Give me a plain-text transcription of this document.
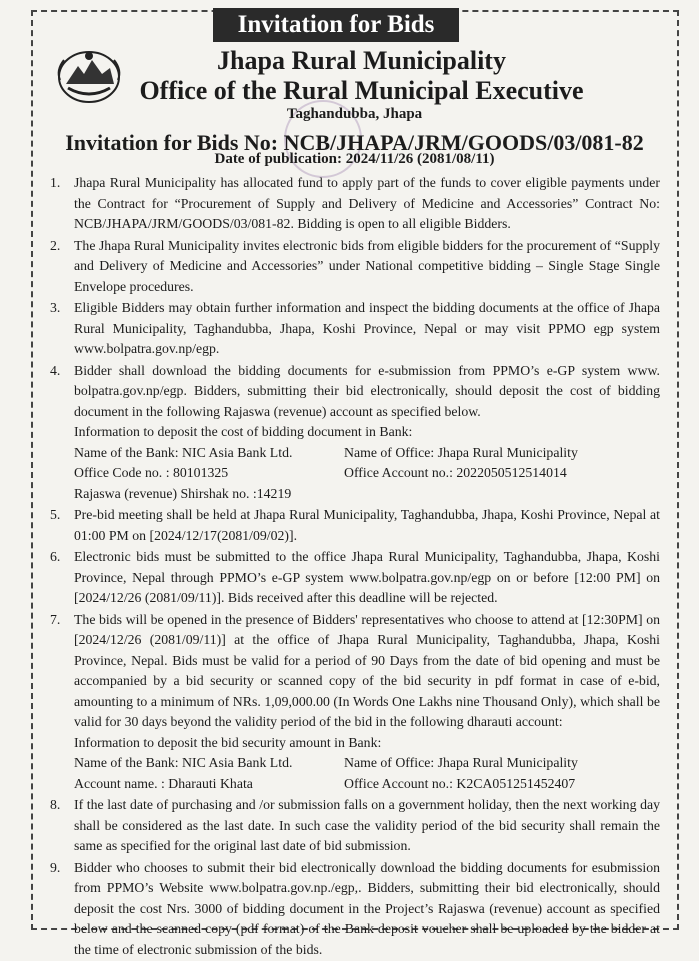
Invitation for Bids
Jhapa Rural Municipality
Office of the Rural Municipal Executive
Taghandubba, Jhapa
Invitation for Bids No: NCB/JHAPA/JRM/GOODS/03/081-82
Date of publication: 2024/11/26 (2081/08/11)
1. Jhapa Rural Municipality has allocated fund to apply part of the funds to cover eligible payments under the Contract for “Procurement of Supply and Delivery of Medicine and Accessories” Contract No: NCB/JHAPA/JRM/GOODS/03/081-82. Bidding is open to all eligible Bidders.
2. The Jhapa Rural Municipality invites electronic bids from eligible bidders for the procurement of “Supply and Delivery of Medicine and Accessories” under National competitive bidding – Single Stage Single Envelope procedures.
3. Eligible Bidders may obtain further information and inspect the bidding documents at the office of Jhapa Rural Municipality, Taghandubba, Jhapa, Koshi Province, Nepal or may visit PPMO egp system www.bolpatra.gov.np/egp.
4. Bidder shall download the bidding documents for e-submission from PPMO’s e-GP system www. bolpatra.gov.np/egp. Bidders, submitting their bid electronically, should deposit the cost of bidding document in the following Rajaswa (revenue) account as specified below.
Information to deposit the cost of bidding document in Bank:
Name of the Bank: NIC Asia Bank Ltd.	Name of Office: Jhapa Rural Municipality
Office Code no. : 80101325	Office Account no.: 2022050512514014
Rajaswa (revenue) Shirshak no. :14219
5. Pre-bid meeting shall be held at Jhapa Rural Municipality, Taghandubba, Jhapa, Koshi Province, Nepal at 01:00 PM on [2024/12/17(2081/09/02)].
6. Electronic bids must be submitted to the office Jhapa Rural Municipality, Taghandubba, Jhapa, Koshi Province, Nepal through PPMO’s e-GP system www.bolpatra.gov.np/egp on or before [12:00 PM] on [2024/12/26 (2081/09/11)]. Bids received after this deadline will be rejected.
7. The bids will be opened in the presence of Bidders' representatives who choose to attend at [12:30PM] on [2024/12/26 (2081/09/11)] at the office of Jhapa Rural Municipality, Taghandubba, Jhapa, Koshi Province, Nepal. Bids must be valid for a period of 90 Days from the date of bid opening and must be accompanied by a bid security or scanned copy of the bid security in pdf format in case of e-bid, amounting to a minimum of NRs. 1,09,000.00 (In Words One Lakhs nine Thousand Only), which shall be valid for 30 days beyond the validity period of the bid in the following dharauti account:
Information to deposit the bid security amount in Bank:
Name of the Bank: NIC Asia Bank Ltd.	Name of Office: Jhapa Rural Municipality
Account name. : Dharauti Khata	Office Account no.: K2CA051251452407
8. If the last date of purchasing and /or submission falls on a government holiday, then the next working day shall be considered as the last date. In such case the validity period of the bid security shall remain the same as specified for the original last date of bid submission.
9. Bidder who chooses to submit their bid electronically download the bidding documents for esubmission from PPMO’s Website www.bolpatra.gov.np./egp,. Bidders, submitting their bid electronically, should deposit the cost Nrs. 3000 of bidding document in the Project’s Rajaswa (revenue) account as specified below and the scanned copy (pdf format) of the Bank deposit voucher shall be uploaded by the bidder at the time of electronic submission of the bids.
